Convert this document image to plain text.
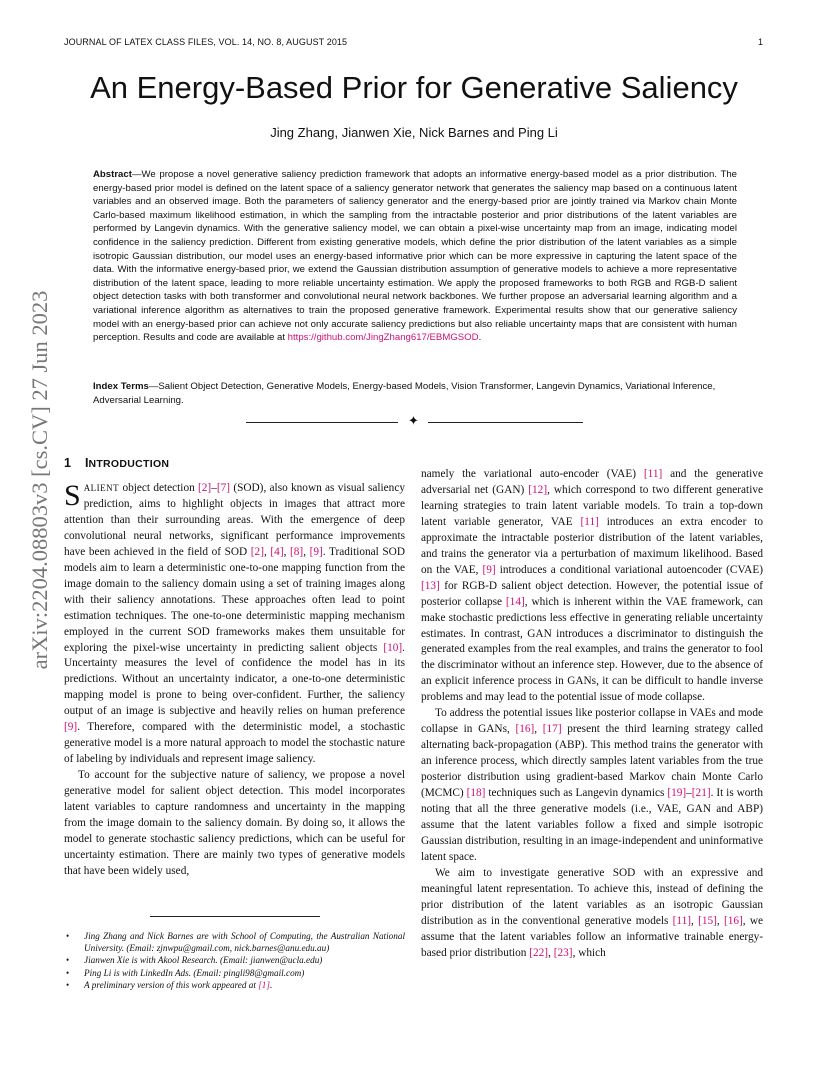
JOURNAL OF LATEX CLASS FILES, VOL. 14, NO. 8, AUGUST 2015	1
An Energy-Based Prior for Generative Saliency
Jing Zhang, Jianwen Xie, Nick Barnes and Ping Li
Abstract—We propose a novel generative saliency prediction framework that adopts an informative energy-based model as a prior distribution. The energy-based prior model is defined on the latent space of a saliency generator network that generates the saliency map based on a continuous latent variables and an observed image. Both the parameters of saliency generator and the energy-based prior are jointly trained via Markov chain Monte Carlo-based maximum likelihood estimation, in which the sampling from the intractable posterior and prior distributions of the latent variables are performed by Langevin dynamics. With the generative saliency model, we can obtain a pixel-wise uncertainty map from an image, indicating model confidence in the saliency prediction. Different from existing generative models, which define the prior distribution of the latent variables as a simple isotropic Gaussian distribution, our model uses an energy-based informative prior which can be more expressive in capturing the latent space of the data. With the informative energy-based prior, we extend the Gaussian distribution assumption of generative models to achieve a more representative distribution of the latent space, leading to more reliable uncertainty estimation. We apply the proposed frameworks to both RGB and RGB-D salient object detection tasks with both transformer and convolutional neural network backbones. We further propose an adversarial learning algorithm and a variational inference algorithm as alternatives to train the proposed generative framework. Experimental results show that our generative saliency model with an energy-based prior can achieve not only accurate saliency predictions but also reliable uncertainty maps that are consistent with human perception. Results and code are available at https://github.com/JingZhang617/EBMGSOD.
Index Terms—Salient Object Detection, Generative Models, Energy-based Models, Vision Transformer, Langevin Dynamics, Variational Inference, Adversarial Learning.
✦
arXiv:2204.08803v3 [cs.CV] 27 Jun 2023 1 INTRODUCTION

SALIENT object detection [2]–[7] (SOD), also known as visual saliency prediction, aims to highlight objects in images that attract more attention than their surrounding areas. With the emergence of deep convolutional neural networks, significant performance improvements have been achieved in the field of SOD [2], [4], [8], [9]. Traditional SOD models aim to learn a deterministic one-to-one mapping function from the image domain to the saliency domain using a set of training images along with their saliency annotations. These approaches often lead to point estimation techniques. The one-to-one deterministic mapping mechanism employed in the current SOD frameworks makes them unsuitable for exploring the pixel-wise uncertainty in predicting salient objects [10]. Uncertainty measures the level of confidence the model has in its predictions. Without an uncertainty indicator, a one-to-one deterministic mapping model is prone to being over-confident. Further, the saliency output of an image is subjective and heavily relies on human preference [9]. Therefore, compared with the deterministic model, a stochastic generative model is a more natural approach to model the stochastic nature of labeling by individuals and represent image saliency.

To account for the subjective nature of saliency, we propose a novel generative model for salient object detection. This model incorporates latent variables to capture randomness and uncertainty in the mapping from the image domain to the saliency domain. By doing so, it allows the model to generate stochastic saliency predictions, which can be useful for uncertainty estimation. There are mainly two types of generative models that have been widely used,

• Jing Zhang and Nick Barnes are with School of Computing, the Australian National University. (Email: zjnwpu@gmail.com, nick.barnes@anu.edu.au)
• Jianwen Xie is with Akool Research. (Email: jianwen@ucla.edu)
• Ping Li is with LinkedIn Ads. (Email: pingli98@gmail.com)
• A preliminary version of this work appeared at [1].

namely the variational auto-encoder (VAE) [11] and the generative adversarial net (GAN) [12], which correspond to two different generative learning strategies to train latent variable models. To train a top-down latent variable generator, VAE [11] introduces an extra encoder to approximate the intractable posterior distribution of the latent variables, and trains the generator via a perturbation of maximum likelihood. Based on the VAE, [9] introduces a conditional variational autoencoder (CVAE) [13] for RGB-D salient object detection. However, the potential issue of posterior collapse [14], which is inherent within the VAE framework, can make stochastic predictions less effective in generating reliable uncertainty estimates. In contrast, GAN introduces a discriminator to distinguish the generated examples from the real examples, and trains the generator to fool the discriminator without an inference step. However, due to the absence of an explicit inference process in GANs, it can be difficult to handle inverse problems and may lead to the potential issue of mode collapse.

To address the potential issues like posterior collapse in VAEs and mode collapse in GANs, [16], [17] present the third learning strategy called alternating back-propagation (ABP). This method trains the generator with an inference process, which directly samples latent variables from the true posterior distribution using gradient-based Markov chain Monte Carlo (MCMC) [18] techniques such as Langevin dynamics [19]–[21]. It is worth noting that all the three generative models (i.e., VAE, GAN and ABP) assume that the latent variables follow a fixed and simple isotropic Gaussian distribution, resulting in an image-independent and uninformative latent space.

We aim to investigate generative SOD with an expressive and meaningful latent representation. To achieve this, instead of defining the prior distribution of the latent variables as an isotropic Gaussian distribution as in the conventional generative models [11], [15], [16], we assume that the latent variables follow an informative trainable energy-based prior distribution [22], [23], which
